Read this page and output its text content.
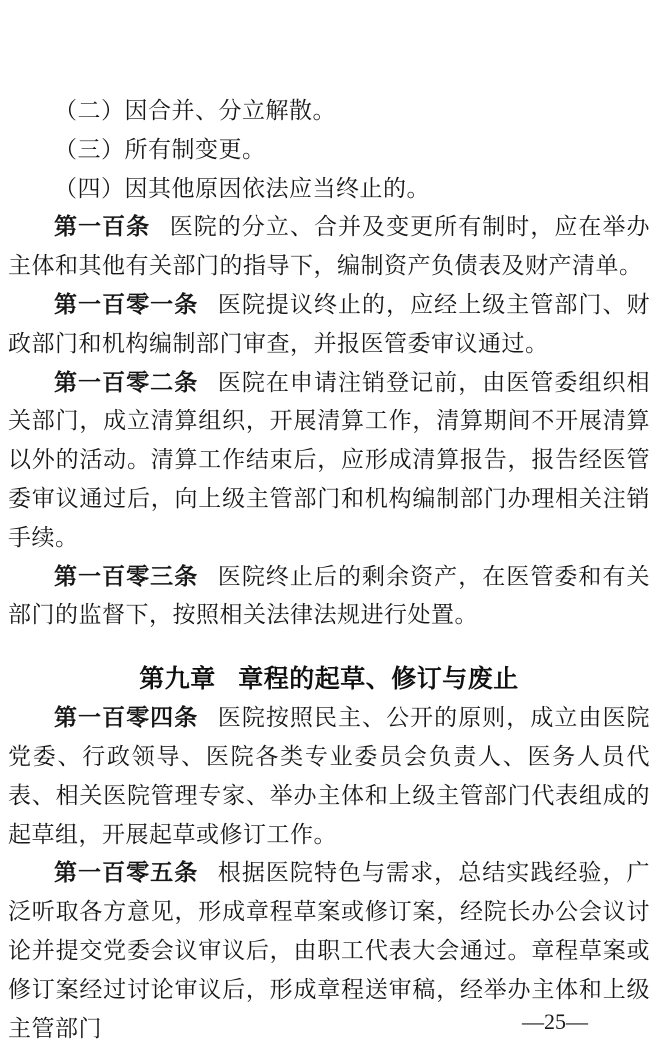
（二）因合并、分立解散。

（三）所有制变更。

（四）因其他原因依法应当终止的。

第一百条 医院的分立、合并及变更所有制时，应在举办主体和其他有关部门的指导下，编制资产负债表及财产清单。

第一百零一条 医院提议终止的，应经上级主管部门、财政部门和机构编制部门审查，并报医管委审议通过。

第一百零二条 医院在申请注销登记前，由医管委组织相关部门，成立清算组织，开展清算工作，清算期间不开展清算以外的活动。清算工作结束后，应形成清算报告，报告经医管委审议通过后，向上级主管部门和机构编制部门办理相关注销手续。

第一百零三条 医院终止后的剩余资产，在医管委和有关部门的监督下，按照相关法律法规进行处置。

第九章 章程的起草、修订与废止

第一百零四条 医院按照民主、公开的原则，成立由医院党委、行政领导、医院各类专业委员会负责人、医务人员代表、相关医院管理专家、举办主体和上级主管部门代表组成的起草组，开展起草或修订工作。

第一百零五条 根据医院特色与需求，总结实践经验，广泛听取各方意见，形成章程草案或修订案，经院长办公会议讨论并提交党委会议审议后，由职工代表大会通过。章程草案或修订案经过讨论审议后，形成章程送审稿，经举办主体和上级主管部门	—25—
